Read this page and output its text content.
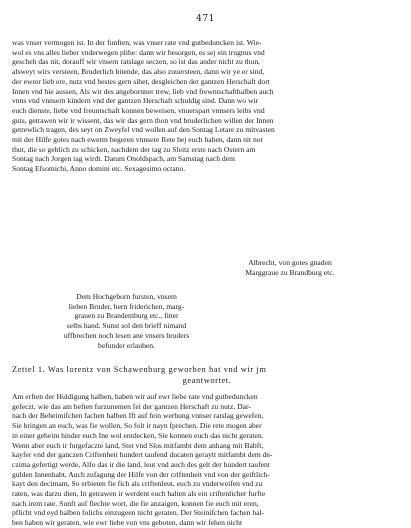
471
was vnser vermogen ist. In der funften, was vnser rate vnd gutbeduncken ist. Wie-
wol es vns alles lieber vnderwegen plibe: dann wir besorgen, es sej ein trugnus vnd
gescheh das nit, dorauff wir vnsern ratslage seczen, so ist das ander nicht zu thun,
alsweyt wirs versteen, Bruderlich bitende, das also zuuersteen, dann wir ye er sind,
der ewrer lieb ere, nutz vnd bestes gern sihet, desgleichen der gantzen Herschaft dort
Innen vnd hie aussen, Als wir des angebornner trew, lieb vnd frewntschafthalben auch
vnns vnd vnnsern kindern vnd der gantzen Herschaft schuldig sind. Dann wo wir
euch dienste, liebe vnd freuntschaft konnen beweisen, vnuerspart vnnsers leibs vnd
guts, getrawen wir ir wissent, das wir das gern thon vnd bruderlichen willen der Innen
getrewlich tragen, des seyt on Zweyfel vnd wollen auf den Sontag Letare zu mitvasten
mit der Hilfe gotes nach ewerm begeren vnnsere Rete bej euch haben, dann nit not
thut, die so geblich zu schicken, nachdem der tag zu Sleitz erste nach Ostern am
Sontag nach Jorgen tag wirdt. Datum Onoldspach, am Samstag nach dem
Sontag Efsomichi, Anno domini etc. Sexagesimo octano.
Albrecht, von gotes gnaden
Marggraue zu Brandburg etc.
Dem Hochgeborn fursten, vnsem
lieben Bruder, hern friderichen, marg-
grauen zu Brandemburg etc., finer
selbs hand. Sunst sol den brieff nimand
uffbrechen noch lesen ane vnsers bruders
befunder erlauben.
Zettel 1. Was lorentz von Schawenburg geworben hat vnd wir jm
geantwortet.
Am erften der Huldigung halben, haben wir auf ewr liebe rate vnd gutbeduncken
gefeczt, wie das am beften furzunemen fei der gantzen Herschaft zu nutz. Dar-
nach der Beheimifchen fachen halben Ift auf fein werbung vnnser ratslag gewefen,
Sie bringen an euch, was fie wollen, So folt ir nayn fprechen. Die rete mogen aber
in einer geheim hinder euch Ine wol entdecken, Sie konnen euch das nicht geraten.
Wenn aber euch ir furgefaczte land, Stet vnd Slos mitfambt dem anhang mit Babft,
kayfer vnd der ganczen Criftenheit hundert taufend ducaten geraytt mitfambt dem de-
czima gefertigt werde, Alfo das ir die land, leut vnd auch des gelt der hundert taufent
gulden Innenhabt, Auch zufagung der Hilfe von der criftenheit vnd von der geiftlich-
kayt den decimam, So erbieten fie fich als criftenleut, euch zu vnderweifen vnd zu
raten, was darzu dien, In getrawen ir werdent euch halten als ein criftenlicher furfte
nach irem rate. Sunft auf flechte wort, die fie anzaigen, konnen fie euch mit eren,
pflicht vnd eyd halben folichs einzugeen nicht geraten. Der Steinifchen fachen hal-
ben haben wir geraten, wie ewr liebe von vns geboten, dann wir fehen nicht
